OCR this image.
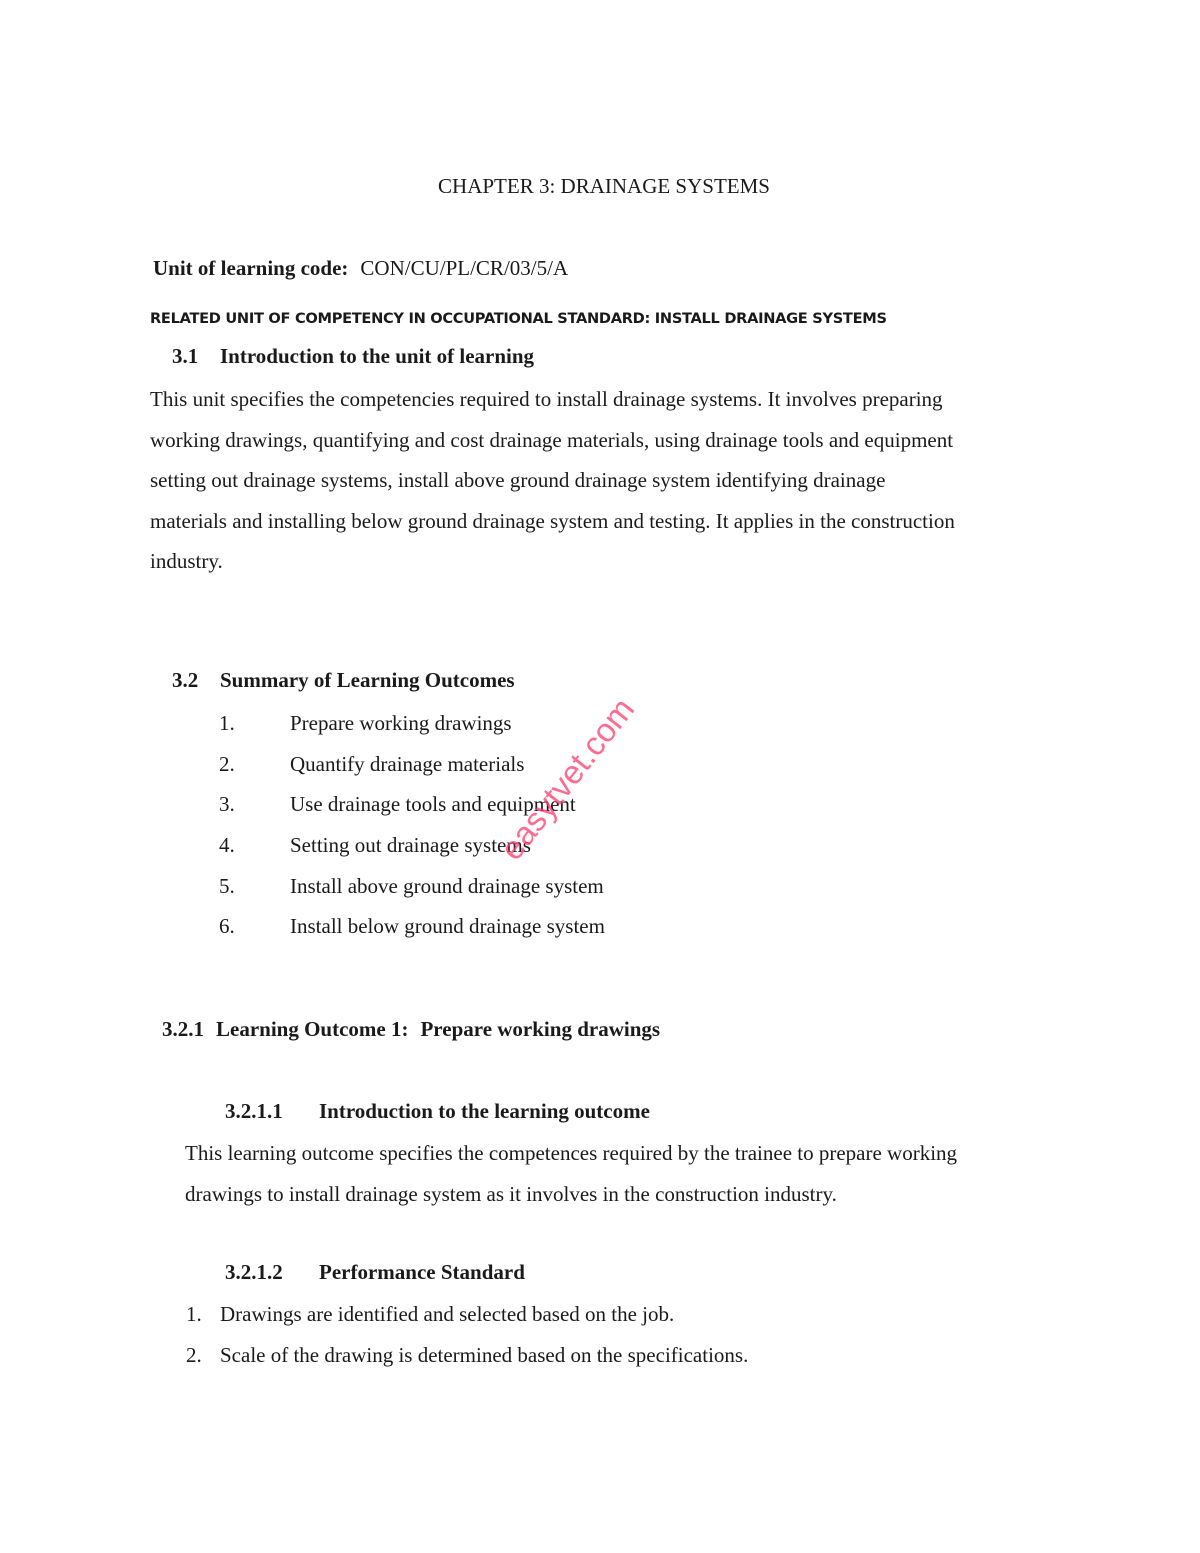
CHAPTER 3: DRAINAGE SYSTEMS
Unit of learning code: CON/CU/PL/CR/03/5/A
RELATED UNIT OF COMPETENCY IN OCCUPATIONAL STANDARD: INSTALL DRAINAGE SYSTEMS
3.1 Introduction to the unit of learning
This unit specifies the competencies required to install drainage systems. It involves preparing
working drawings, quantifying and cost drainage materials, using drainage tools and equipment
setting out drainage systems, install above ground drainage system identifying drainage
materials and installing below ground drainage system and testing. It applies in the construction
industry.
3.2 Summary of Learning Outcomes
1.	Prepare working drawings
2.	Quantify drainage materials
3.	Use drainage tools and equipment
4.	Setting out drainage systems
5.	Install above ground drainage system
6.	Install below ground drainage system
3.2.1 Learning Outcome 1: Prepare working drawings
3.2.1.1 Introduction to the learning outcome
This learning outcome specifies the competences required by the trainee to prepare working
drawings to install drainage system as it involves in the construction industry.
3.2.1.2 Performance Standard
1. Drawings are identified and selected based on the job.
2. Scale of the drawing is determined based on the specifications.
easytvet.com
